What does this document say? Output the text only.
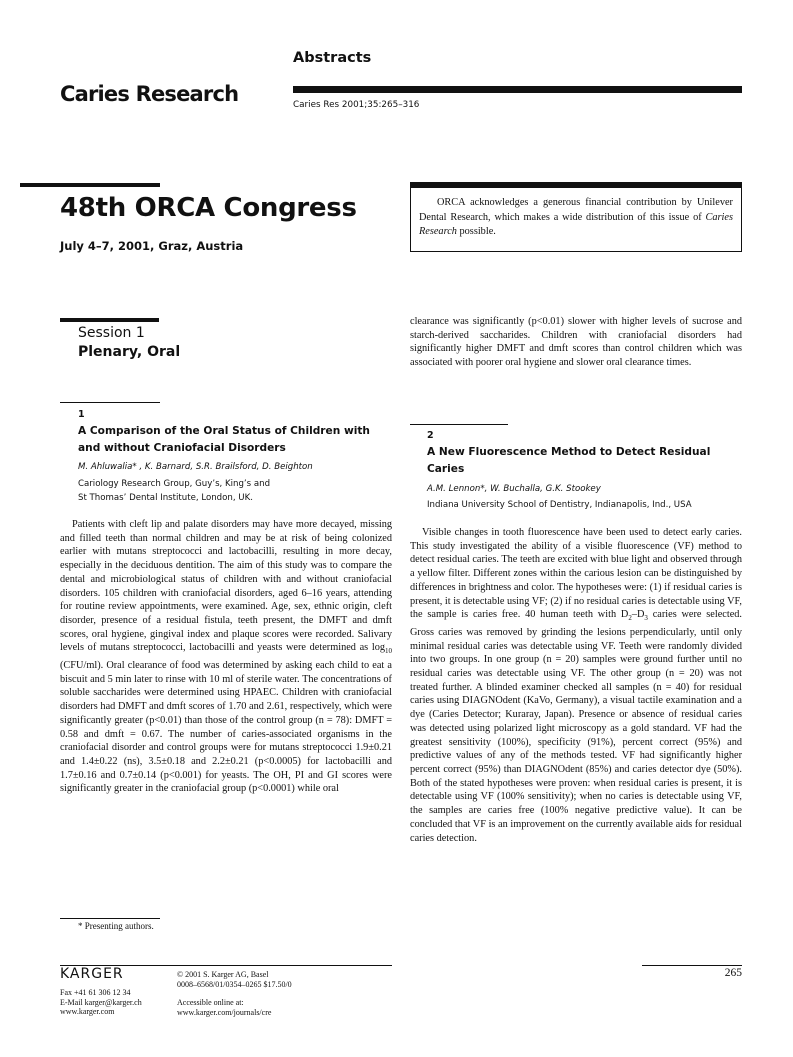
Abstracts
Caries Research	Caries Res 2001;35:265–316
48th ORCA Congress
July 4–7, 2001, Graz, Austria
ORCA acknowledges a generous financial contribution by Unilever Dental Research, which makes a wide distribution of this issue of Caries Research possible.
Session 1
Plenary, Oral
1
A Comparison of the Oral Status of Children with and without Craniofacial Disorders
M. Ahluwalia* , K. Barnard, S.R. Brailsford, D. Beighton
Cariology Research Group, Guy’s, King’s and
St Thomas’ Dental Institute, London, UK.

Patients with cleft lip and palate disorders may have more decayed, missing and filled teeth than normal children and may be at risk of being colonized earlier with mutans streptococci and lactobacilli, resulting in more decay, especially in the deciduous dentition. The aim of this study was to compare the dental and microbiological status of children with and without craniofacial disorders. 105 children with craniofacial disorders, aged 6–16 years, attending for routine review appointments, were examined. Age, sex, ethnic origin, cleft disorder, presence of a residual fistula, teeth present, the DMFT and dmft scores, oral hygiene, gingival index and plaque scores were recorded. Salivary levels of mutans streptococci, lactobacilli and yeasts were determined as $\log_{10} (CFU/ml)$. Oral clearance of food was determined by asking each child to eat a biscuit and 5 min later to rinse with 10 ml of sterile water. The concentrations of soluble saccharides were determined using HPAEC. Children with craniofacial disorders had DMFT and dmft scores of 1.70 and 2.61, respectively, which were significantly greater (p<0.01) than those of the control group (n = 78): DMFT = 0.58 and dmft = 0.67. The number of caries-associated organisms in the craniofacial disorder and control groups were for mutans streptococci 1.9±0.21 and 1.4±0.22 (ns), 3.5±0.18 and 2.2±0.21 (p<0.0005) for lactobacilli and 1.7±0.16 and 0.7±0.14 (p<0.001) for yeasts. The OH, PI and GI scores were significantly greater in the craniofacial group (p<0.0001) while oral

clearance was significantly (p<0.01) slower with higher levels of sucrose and starch-derived saccharides. Children with craniofacial disorders had significantly higher DMFT and dmft scores than control children which was associated with poorer oral hygiene and slower oral clearance times.
2
A New Fluorescence Method to Detect Residual Caries
A.M. Lennon*, W. Buchalla, G.K. Stookey
Indiana University School of Dentistry, Indianapolis, Ind., USA

Visible changes in tooth fluorescence have been used to detect early caries. This study investigated the ability of a visible fluorescence (VF) method to detect residual caries. The teeth are excited with blue light and observed through a yellow filter. Different zones within the carious lesion can be distinguished by differences in brightness and color. The hypotheses were: (1) if residual caries is present, it is detectable using VF; (2) if no residual caries is detectable using VF, the sample is caries free. 40 human teeth with $D_2-D_3$ caries were selected. Gross caries was removed by grinding the lesions perpendicularly, until only minimal residual caries was detectable using VF. Teeth were randomly divided into two groups. In one group (n = 20) samples were ground further until no residual caries was detectable using VF. The other group (n = 20) was not treated further. A blinded examiner checked all samples (n = 40) for residual caries using DIAGNOdent (KaVo, Germany), a visual tactile examination and a dye (Caries Detector; Kuraray, Japan). Presence or absence of residual caries was detected using polarized light microscopy as a gold standard. VF had the greatest sensitivity (100%), specificity (91%), percent correct (95%) and predictive values of any of the methods tested. VF had significantly higher percent correct (95%) than DIAGNOdent (85%) and caries detector dye (50%). Both of the stated hypotheses were proven: when residual caries is present, it is detectable using VF (100% sensitivity); when no caries is detectable using VF, the samples are caries free (100% negative predictive value). It can be concluded that VF is an improvement on the currently available aids for residual caries detection.

* Presenting authors.
KARGER
Fax +41 61 306 12 34
E-Mail karger@karger.ch
www.karger.com
© 2001 S. Karger AG, Basel
0008–6568/01/0354–0265 $17.50/0
Accessible online at:
www.karger.com/journals/cre
265
